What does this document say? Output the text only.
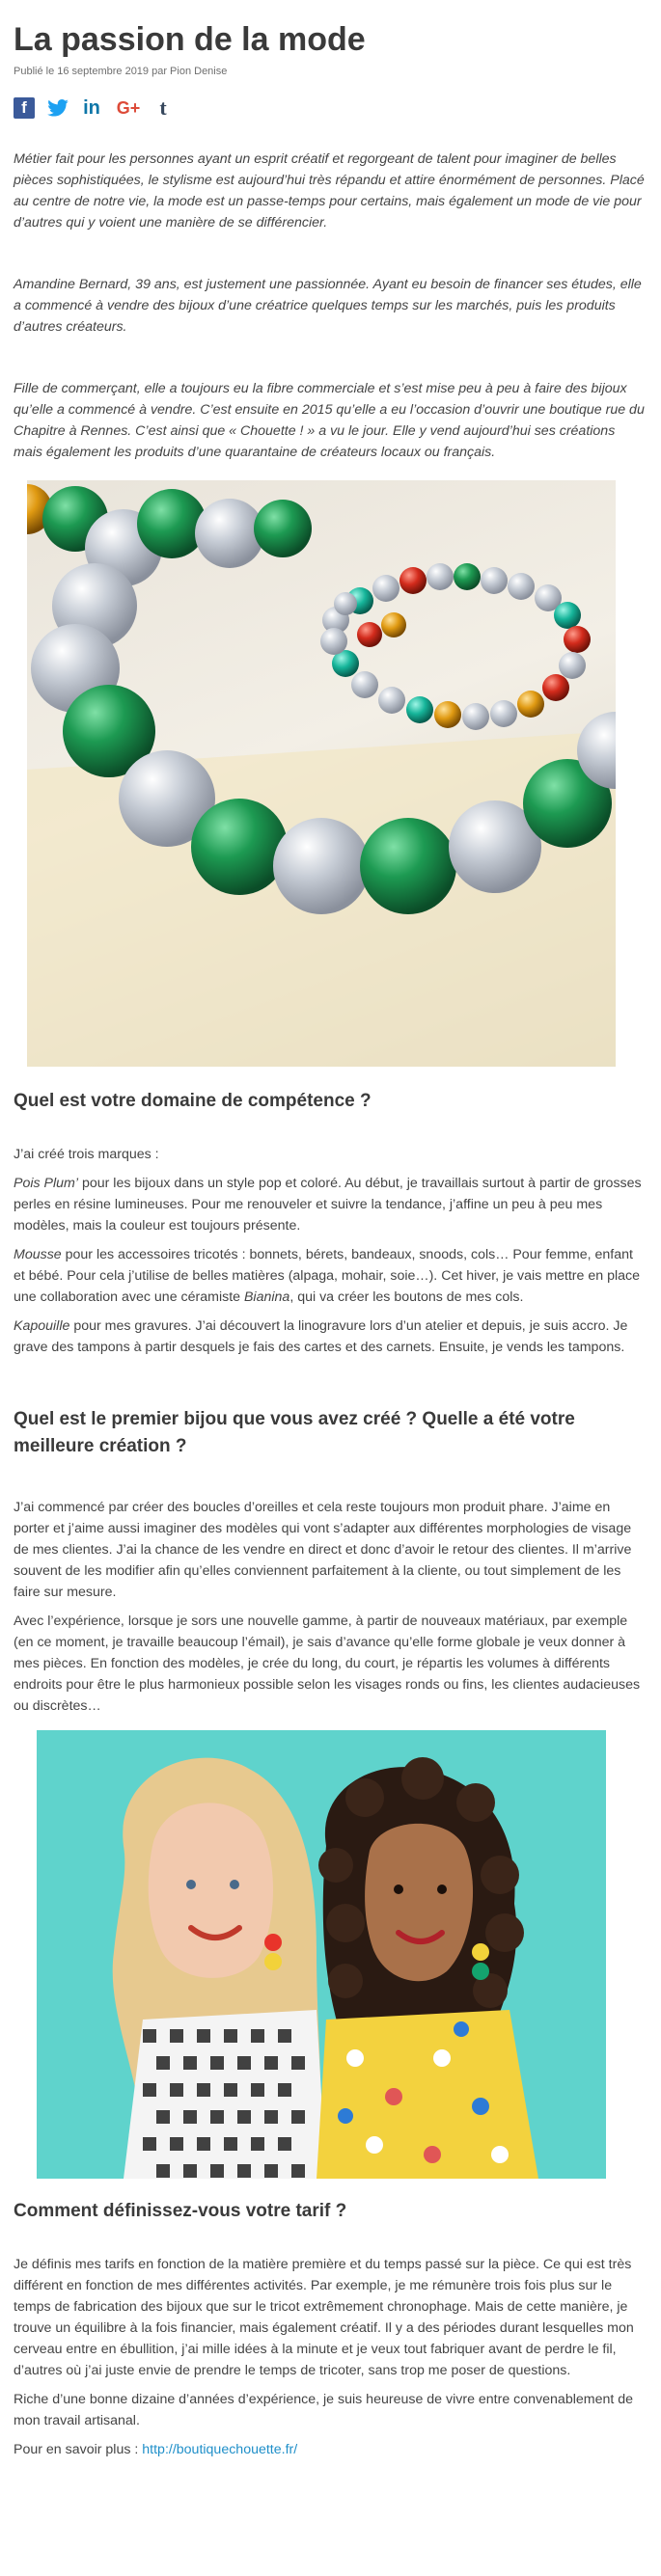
La passion de la mode
Publié le 16 septembre 2019 par Pion Denise
f	in G+ t

Métier fait pour les personnes ayant un esprit créatif et regorgeant de talent pour imaginer de belles pièces sophistiquées, le stylisme est aujourd’hui très répandu et attire énormément de personnes. Placé au centre de notre vie, la mode est un passe-temps pour certains, mais également un mode de vie pour d’autres qui y voient une manière de se différencier.

Amandine Bernard, 39 ans, est justement une passionnée. Ayant eu besoin de financer ses études, elle a commencé à vendre des bijoux d’une créatrice quelques temps sur les marchés, puis les produits d’autres créateurs.

Fille de commerçant, elle a toujours eu la fibre commerciale et s’est mise peu à peu à faire des bijoux qu’elle a commencé à vendre. C’est ensuite en 2015 qu’elle a eu l’occasion d’ouvrir une boutique rue du Chapitre à Rennes. C’est ainsi que « Chouette ! » a vu le jour. Elle y vend aujourd’hui ses créations mais également les produits d’une quarantaine de créateurs locaux ou français.

Quel est votre domaine de compétence ?

J’ai créé trois marques :

Pois Plum’ pour les bijoux dans un style pop et coloré. Au début, je travaillais surtout à partir de grosses perles en résine lumineuses. Pour me renouveler et suivre la tendance, j’affine un peu à peu mes modèles, mais la couleur est toujours présente.

Mousse pour les accessoires tricotés : bonnets, bérets, bandeaux, snoods, cols… Pour femme, enfant et bébé. Pour cela j’utilise de belles matières (alpaga, mohair, soie…). Cet hiver, je vais mettre en place une collaboration avec une céramiste Bianina, qui va créer les boutons de mes cols.

Kapouille pour mes gravures. J’ai découvert la linogravure lors d’un atelier et depuis, je suis accro. Je grave des tampons à partir desquels je fais des cartes et des carnets. Ensuite, je vends les tampons.

Quel est le premier bijou que vous avez créé ? Quelle a été votre meilleure création ?

J’ai commencé par créer des boucles d’oreilles et cela reste toujours mon produit phare. J’aime en porter et j’aime aussi imaginer des modèles qui vont s’adapter aux différentes morphologies de visage de mes clientes. J’ai la chance de les vendre en direct et donc d’avoir le retour des clientes. Il m’arrive souvent de les modifier afin qu’elles conviennent parfaitement à la cliente, ou tout simplement de les faire sur mesure.

Avec l’expérience, lorsque je sors une nouvelle gamme, à partir de nouveaux matériaux, par exemple (en ce moment, je travaille beaucoup l’émail), je sais d’avance qu’elle forme globale je veux donner à mes pièces. En fonction des modèles, je crée du long, du court, je répartis les volumes à différents endroits pour être le plus harmonieux possible selon les visages ronds ou fins, les clientes audacieuses ou discrètes…

Comment définissez-vous votre tarif ?

Je définis mes tarifs en fonction de la matière première et du temps passé sur la pièce. Ce qui est très différent en fonction de mes différentes activités. Par exemple, je me rémunère trois fois plus sur le temps de fabrication des bijoux que sur le tricot extrêmement chronophage. Mais de cette manière, je trouve un équilibre à la fois financier, mais également créatif. Il y a des périodes durant lesquelles mon cerveau entre en ébullition, j’ai mille idées à la minute et je veux tout fabriquer avant de perdre le fil, d’autres où j’ai juste envie de prendre le temps de tricoter, sans trop me poser de questions.

Riche d’une bonne dizaine d’années d’expérience, je suis heureuse de vivre entre convenablement de mon travail artisanal.

Pour en savoir plus : http://boutiquechouette.fr/
